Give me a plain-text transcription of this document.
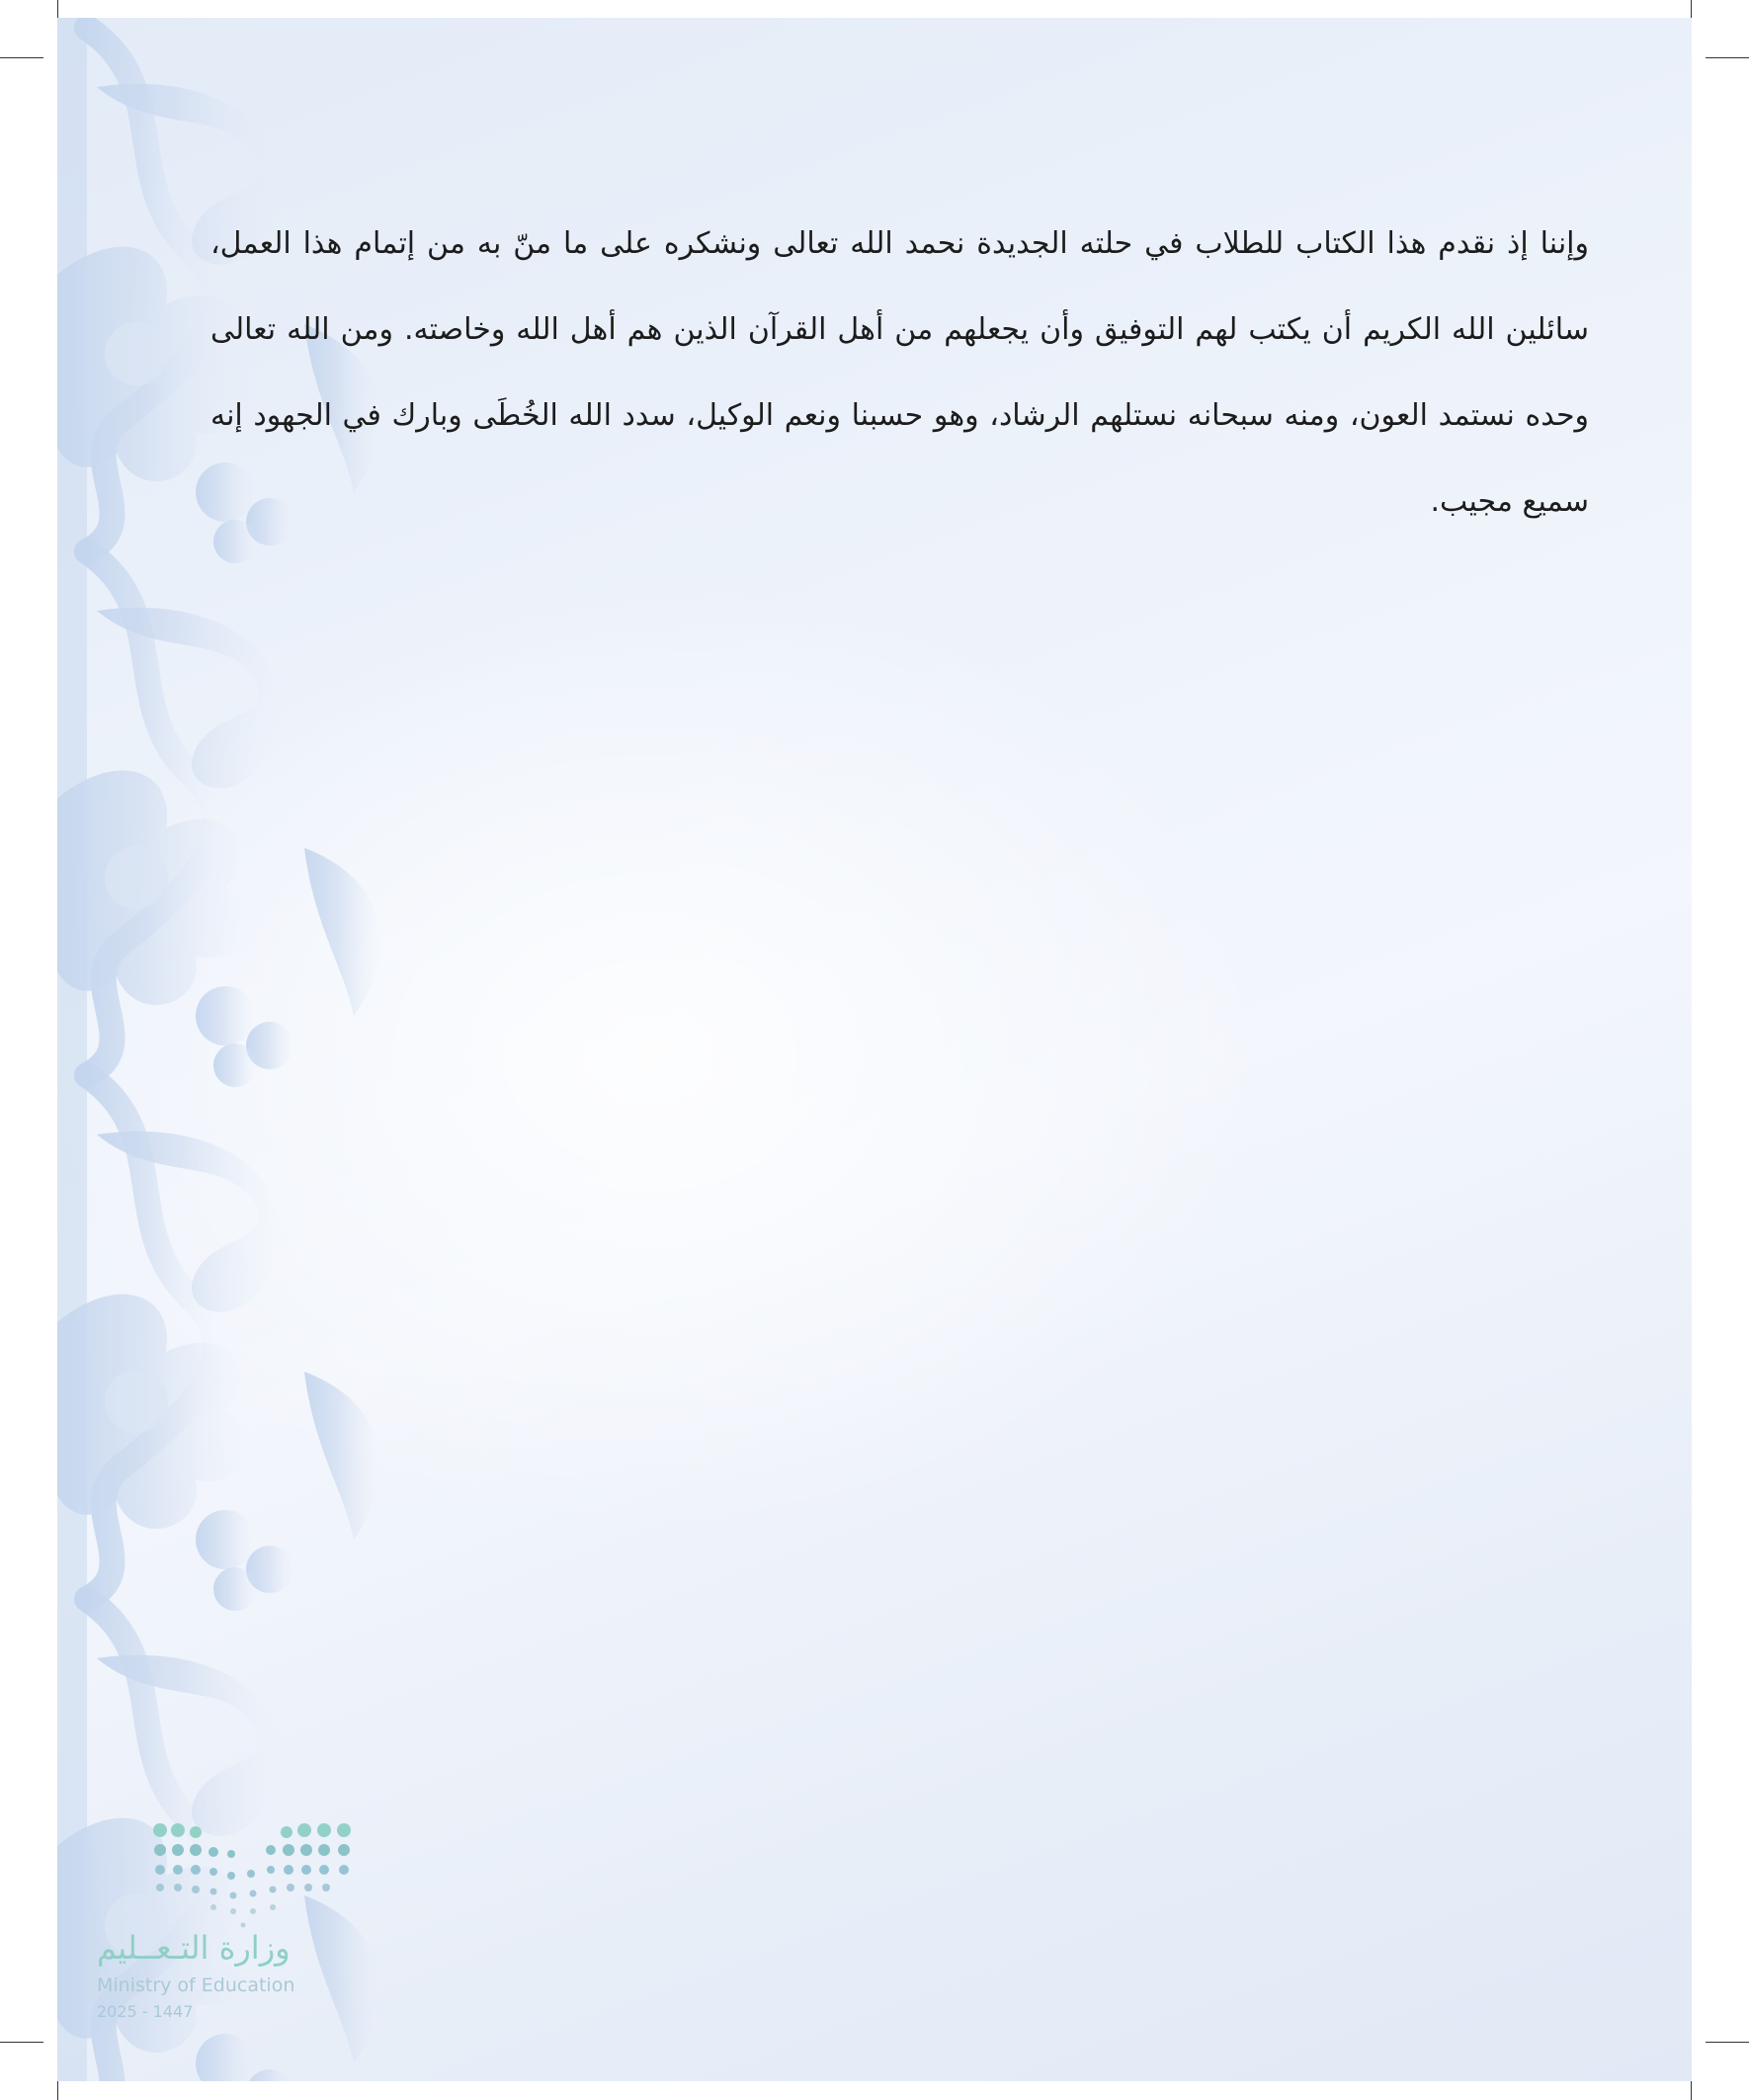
وإننا إذ نقدم هذا الكتاب للطلاب في حلته الجديدة نحمد الله تعالى ونشكره على ما منّ به من إتمام هذا العمل، سائلين الله الكريم أن يكتب لهم التوفيق وأن يجعلهم من أهل القرآن الذين هم أهل الله وخاصته. ومن الله تعالى وحده نستمد العون، ومنه سبحانه نستلهم الرشاد، وهو حسبنا ونعم الوكيل، سدد الله الخُطَى وبارك في الجهود إنه سميع مجيب.

وزارة التـعــليم
Ministry of Education
2025 - 1447
